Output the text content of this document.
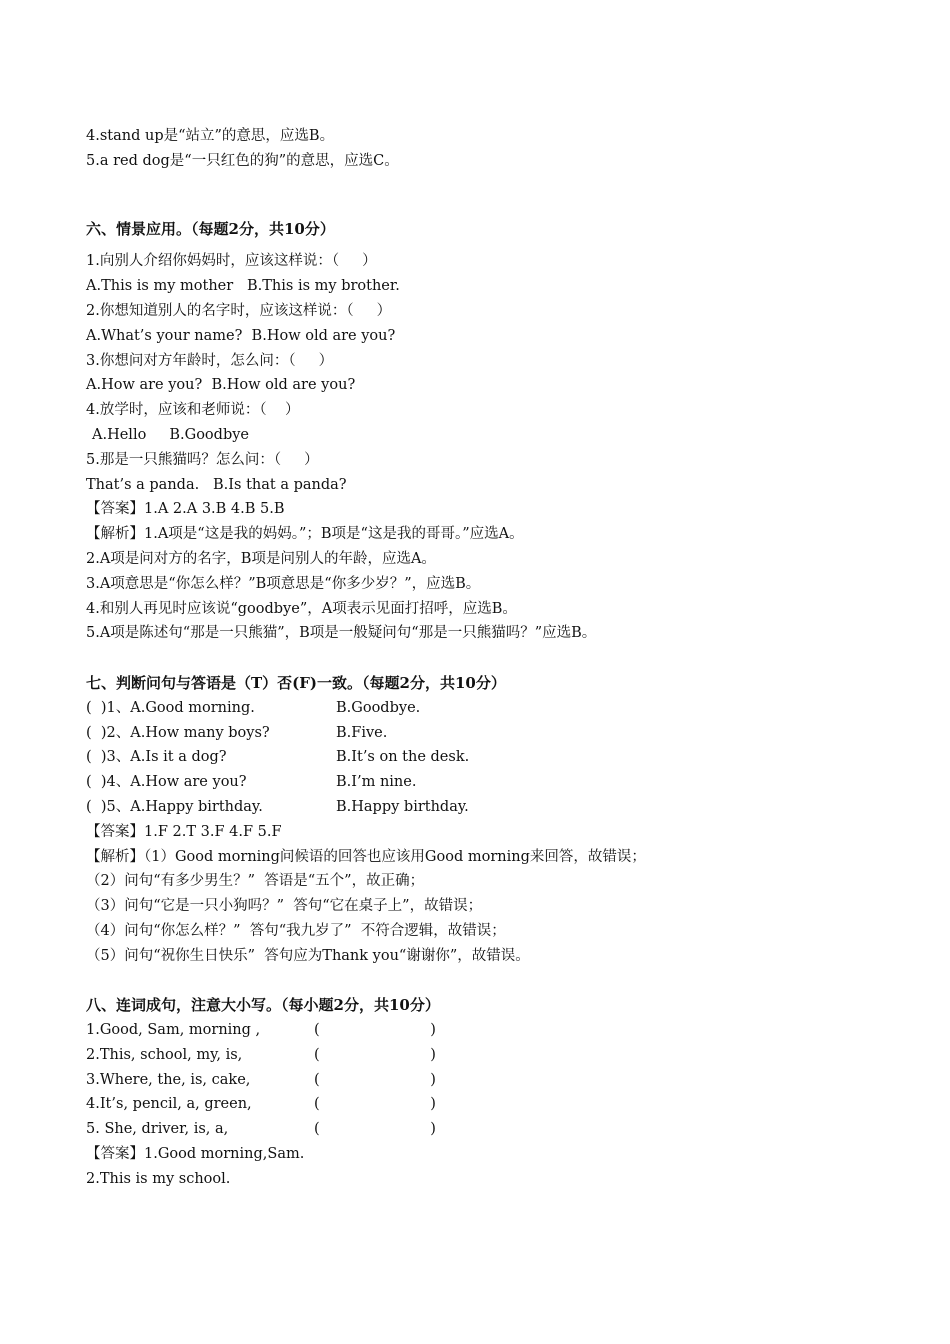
4.stand up是“站立”的意思，应选B。
5.a red dog是“一只红色的狗”的意思，应选C。
六、情景应用。（每题2分，共10分）
1.向别人介绍你妈妈时，应该这样说：（     ）
A.This is my mother   B.This is my brother.
2.你想知道别人的名字时，应该这样说：（     ）
A.What’s your name?  B.How old are you?
3.你想问对方年龄时，怎么问：（     ）
A.How are you?  B.How old are you?
4.放学时，应该和老师说：（    ）
A.Hello     B.Goodbye
5.那是一只熊猫吗？怎么问：（     ）
That’s a panda.   B.Is that a panda?
【答案】1.A 2.A 3.B 4.B 5.B
【解析】1.A项是“这是我的妈妈。”；B项是“这是我的哥哥。”应选A。
2.A项是问对方的名字，B项是问别人的年龄，应选A。
3.A项意思是“你怎么样？”B项意思是“你多少岁？”，应选B。
4.和别人再见时应该说“goodbye”，A项表示见面打招呼，应选B。
5.A项是陈述句“那是一只熊猫”，B项是一般疑问句“那是一只熊猫吗？”应选B。
七、判断问句与答语是（T）否(F)一致。（每题2分，共10分）
(  )1、A.Good morning.	B.Goodbye.
(  )2、A.How many boys?	B.Five.
(  )3、A.Is it a dog?	B.It’s on the desk.
(  )4、A.How are you?	B.I’m nine.
(  )5、A.Happy birthday.	B.Happy birthday.
【答案】1.F 2.T 3.F 4.F 5.F
【解析】（1）Good morning问候语的回答也应该用Good morning来回答，故错误；
（2）问句“有多少男生？”  答语是“五个”，故正确；
（3）问句“它是一只小狗吗？”  答句“它在桌子上”，故错误；
（4）问句“你怎么样？”  答句“我九岁了”  不符合逻辑，故错误；
（5）问句“祝你生日快乐”  答句应为Thank you“谢谢你”，故错误。
八、连词成句，注意大小写。（每小题2分，共10分）
1.Good, Sam, morning ,	(                        )
2.This, school, my, is,	(                        )
3.Where, the, is, cake,	(                        )
4.It’s, pencil, a, green,	(                        )
5. She, driver, is, a,	(                        )
【答案】1.Good morning,Sam.
2.This is my school.
